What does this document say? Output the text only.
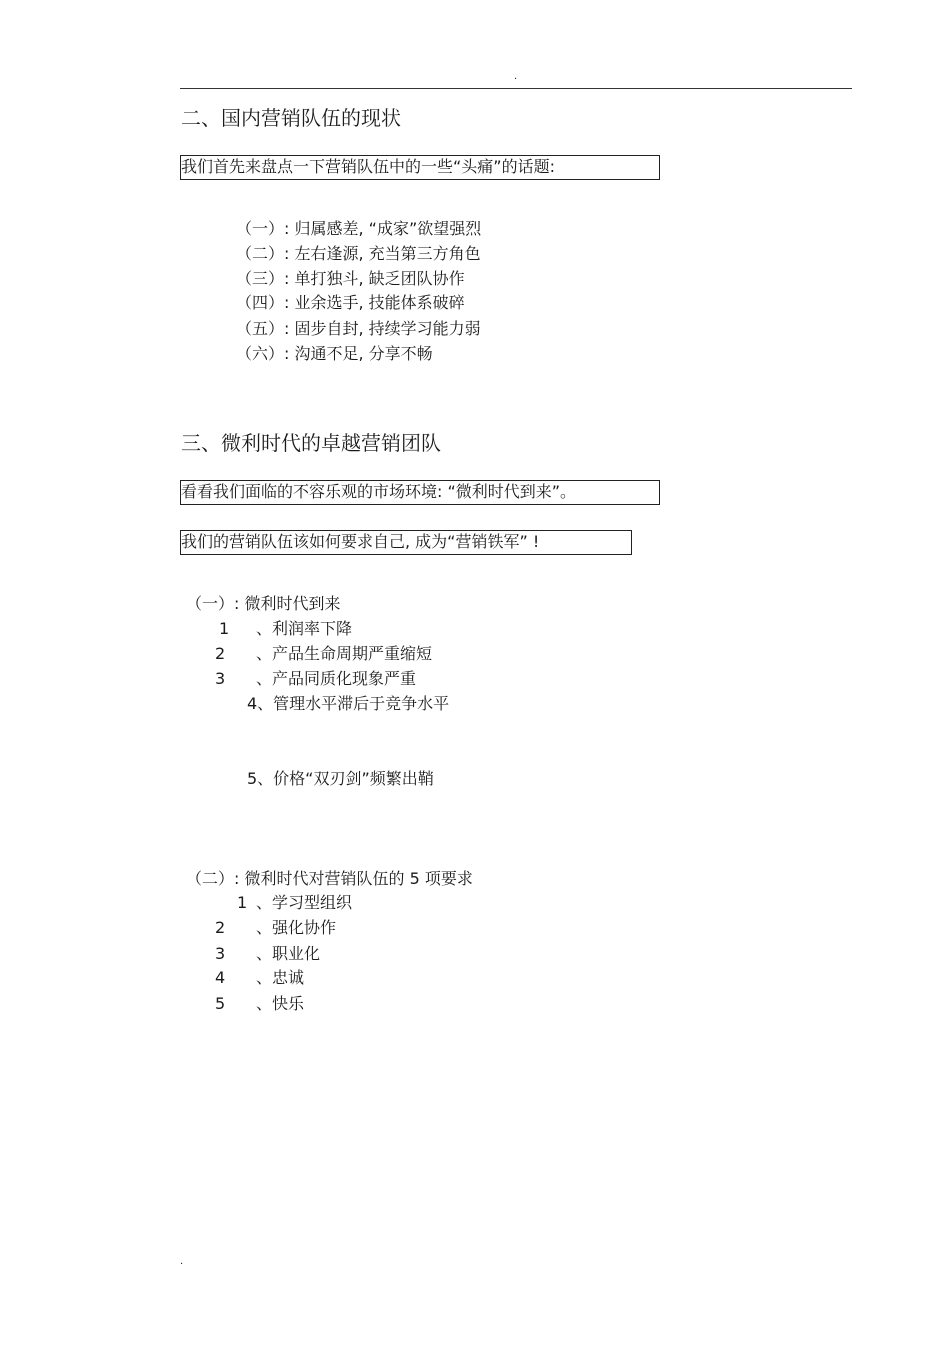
.
二、国内营销队伍的现状
我们首先来盘点一下营销队伍中的一些“头痛”的话题:
（一）: 归属感差, “成家”欲望强烈
（二）: 左右逢源, 充当第三方角色
（三）: 单打独斗, 缺乏团队协作
（四）: 业余选手, 技能体系破碎
（五）: 固步自封, 持续学习能力弱
（六）: 沟通不足, 分享不畅
三、微利时代的卓越营销团队
看看我们面临的不容乐观的市场环境: “微利时代到来”。
我们的营销队伍该如何要求自己, 成为“营销铁军” !
（一）: 微利时代到来
1 、利润率下降
2 、产品生命周期严重缩短
3 、产品同质化现象严重
4、管理水平滞后于竞争水平
5、价格“双刃剑”频繁出鞘
（二）: 微利时代对营销队伍的 5 项要求
1 、学习型组织
2 、强化协作
3 、职业化
4 、忠诚
5 、快乐
.
